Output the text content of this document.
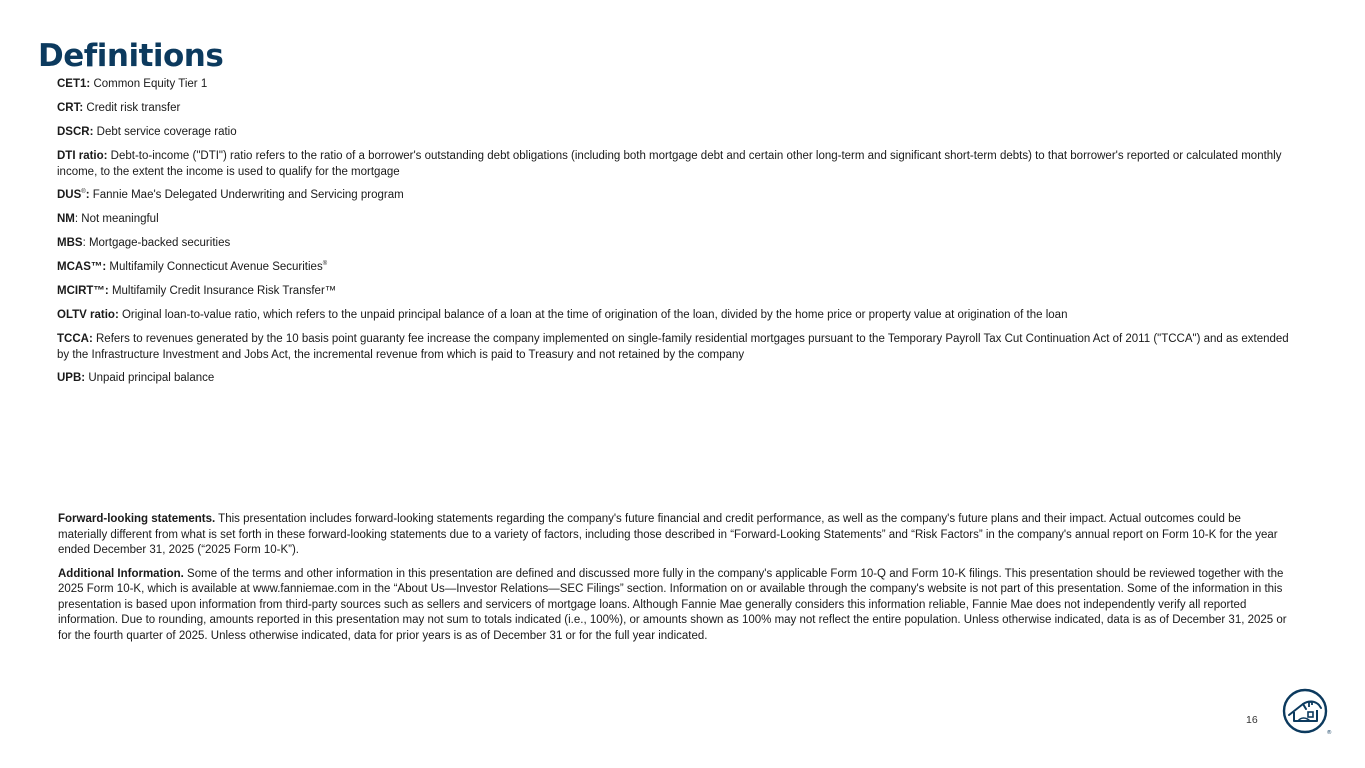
Definitions
CET1: Common Equity Tier 1
CRT: Credit risk transfer
DSCR: Debt service coverage ratio
DTI ratio: Debt-to-income ("DTI") ratio refers to the ratio of a borrower's outstanding debt obligations (including both mortgage debt and certain other long-term and significant short-term debts) to that borrower's reported or calculated monthly income, to the extent the income is used to qualify for the mortgage
DUS®: Fannie Mae's Delegated Underwriting and Servicing program
NM: Not meaningful
MBS: Mortgage-backed securities
MCAS™: Multifamily Connecticut Avenue Securities®
MCIRT™: Multifamily Credit Insurance Risk Transfer™
OLTV ratio: Original loan-to-value ratio, which refers to the unpaid principal balance of a loan at the time of origination of the loan, divided by the home price or property value at origination of the loan
TCCA: Refers to revenues generated by the 10 basis point guaranty fee increase the company implemented on single-family residential mortgages pursuant to the Temporary Payroll Tax Cut Continuation Act of 2011 ("TCCA") and as extended by the Infrastructure Investment and Jobs Act, the incremental revenue from which is paid to Treasury and not retained by the company
UPB: Unpaid principal balance
Forward-looking statements. This presentation includes forward-looking statements regarding the company's future financial and credit performance, as well as the company's future plans and their impact. Actual outcomes could be materially different from what is set forth in these forward-looking statements due to a variety of factors, including those described in “Forward-Looking Statements” and “Risk Factors” in the company's annual report on Form 10-K for the year ended December 31, 2025 (“2025 Form 10-K”).
Additional Information. Some of the terms and other information in this presentation are defined and discussed more fully in the company's applicable Form 10-Q and Form 10-K filings. This presentation should be reviewed together with the 2025 Form 10-K, which is available at www.fanniemae.com in the “About Us—Investor Relations—SEC Filings” section. Information on or available through the company's website is not part of this presentation. Some of the information in this presentation is based upon information from third-party sources such as sellers and servicers of mortgage loans. Although Fannie Mae generally considers this information reliable, Fannie Mae does not independently verify all reported information. Due to rounding, amounts reported in this presentation may not sum to totals indicated (i.e., 100%), or amounts shown as 100% may not reflect the entire population. Unless otherwise indicated, data is as of December 31, 2025 or for the fourth quarter of 2025. Unless otherwise indicated, data for prior years is as of December 31 or for the full year indicated.
16
®
